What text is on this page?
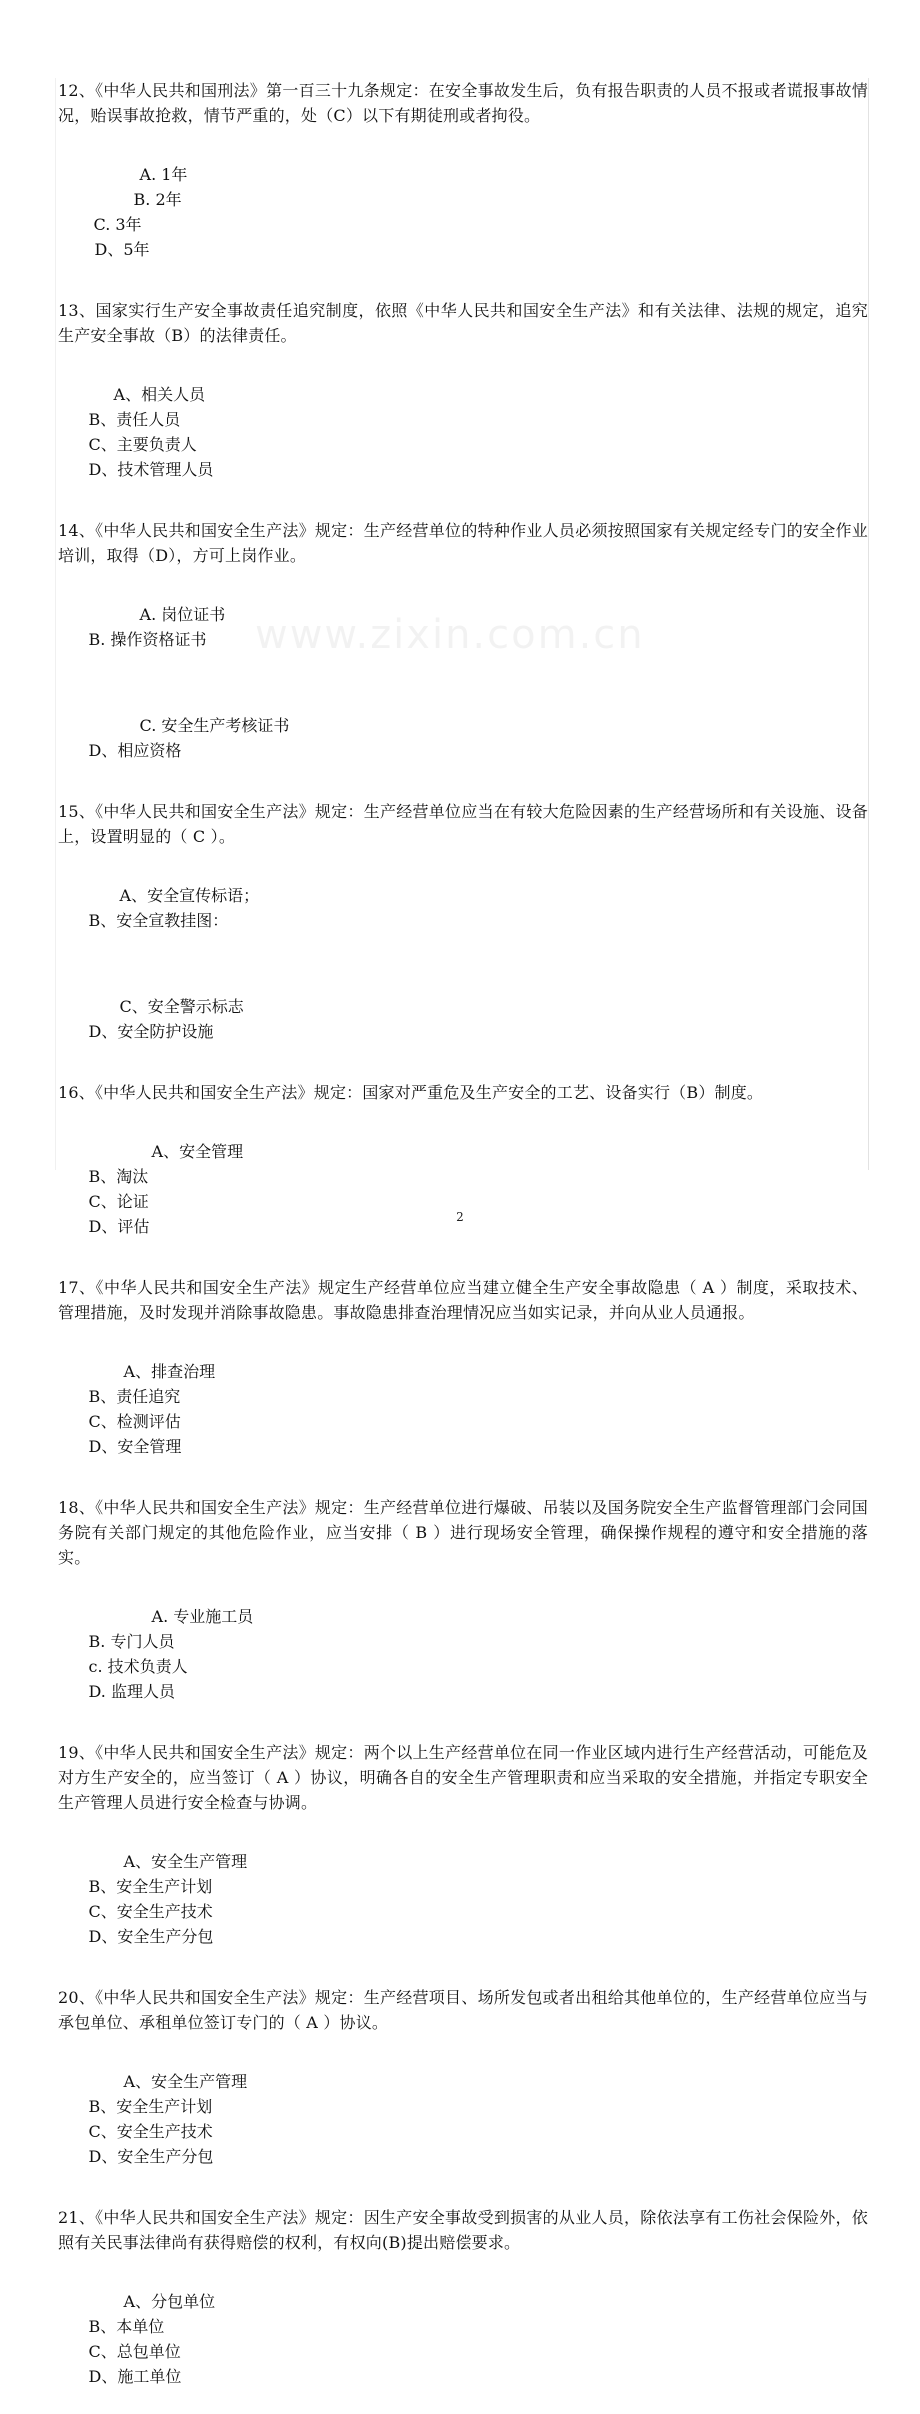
www.zixin.com.cn

12、《中华人民共和国刑法》第一百三十九条规定：在安全事故发生后，负有报告职责的人员不报或者谎报事故情况，贻误事故抢救，情节严重的，处（C）以下有期徒刑或者拘役。

A. 1年
B. 2年
C. 3年
D、5年

13、国家实行生产安全事故责任追究制度，依照《中华人民共和国安全生产法》和有关法律、法规的规定，追究生产安全事故（B）的法律责任。

A、相关人员
B、责任人员
C、主要负责人
D、技术管理人员

14、《中华人民共和国安全生产法》规定：生产经营单位的特种作业人员必须按照国家有关规定经专门的安全作业培训，取得（D），方可上岗作业。

A. 岗位证书
B. 操作资格证书

C. 安全生产考核证书
D、相应资格

15、《中华人民共和国安全生产法》规定：生产经营单位应当在有较大危险因素的生产经营场所和有关设施、设备上，设置明显的（ C ）。

A、安全宣传标语；
B、安全宣教挂图：

C、安全警示标志
D、安全防护设施

16、《中华人民共和国安全生产法》规定：国家对严重危及生产安全的工艺、设备实行（B）制度。

A、安全管理
B、淘汰
C、论证
D、评估

17、《中华人民共和国安全生产法》规定生产经营单位应当建立健全生产安全事故隐患（ A ）制度，采取技术、管理措施，及时发现并消除事故隐患。事故隐患排查治理情况应当如实记录，并向从业人员通报。

A、排查治理
B、责任追究
C、检测评估
D、安全管理

18、《中华人民共和国安全生产法》规定：生产经营单位进行爆破、吊装以及国务院安全生产监督管理部门会同国务院有关部门规定的其他危险作业，应当安排（ B ）进行现场安全管理，确保操作规程的遵守和安全措施的落实。

A. 专业施工员
B. 专门人员
c. 技术负责人
D. 监理人员

19、《中华人民共和国安全生产法》规定：两个以上生产经营单位在同一作业区域内进行生产经营活动，可能危及对方生产安全的，应当签订（ A ）协议，明确各自的安全生产管理职责和应当采取的安全措施，并指定专职安全生产管理人员进行安全检查与协调。

A、安全生产管理
B、安全生产计划
C、安全生产技术
D、安全生产分包

20、《中华人民共和国安全生产法》规定：生产经营项目、场所发包或者出租给其他单位的，生产经营单位应当与承包单位、承租单位签订专门的（ A ）协议。

A、安全生产管理
B、安全生产计划
C、安全生产技术
D、安全生产分包

21、《中华人民共和国安全生产法》规定：因生产安全事故受到损害的从业人员，除依法享有工伤社会保险外，依照有关民事法律尚有获得赔偿的权利，有权向(B)提出赔偿要求。

A、分包单位
B、本单位
C、总包单位
D、施工单位

2
